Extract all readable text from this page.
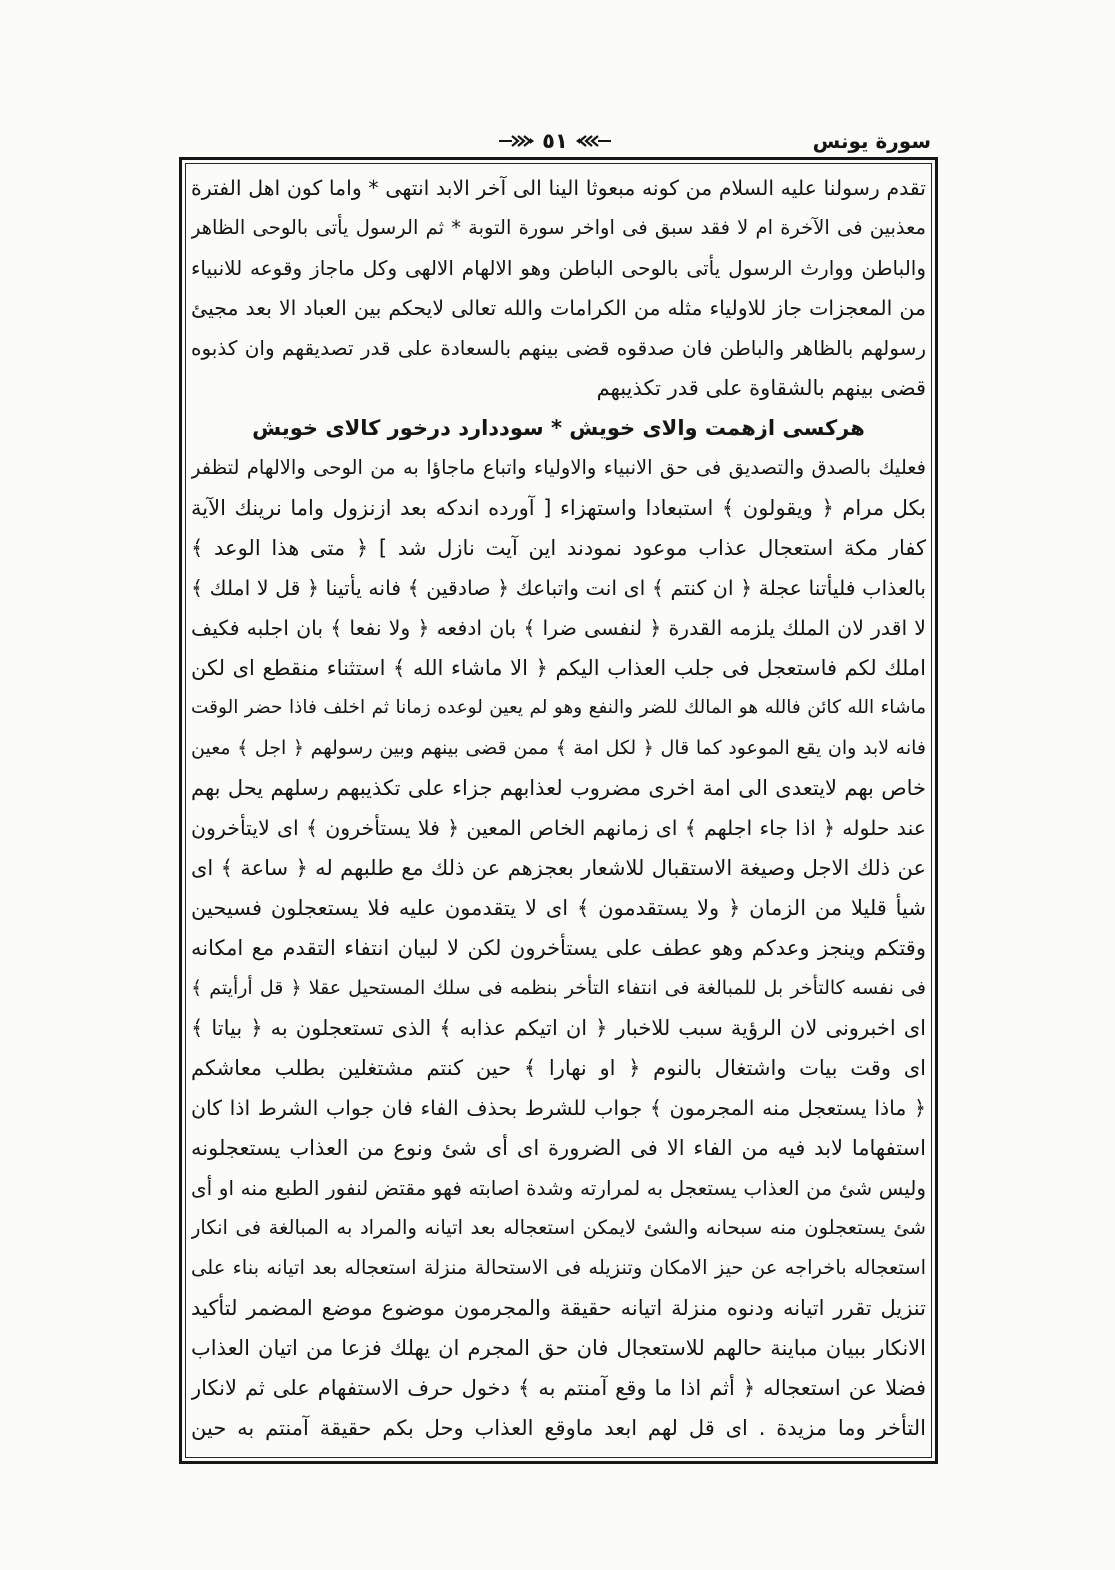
سورة يونس
٥١
تقدم رسولنا عليه السلام من كونه مبعوثا الينا الى آخر الابد انتهى * واما كون اهل الفترة
معذبين فى الآخرة ام لا فقد سبق فى اواخر سورة التوبة * ثم الرسول يأتى بالوحى الظاهر
والباطن ووارث الرسول يأتى بالوحى الباطن وهو الالهام الالهى وكل ماجاز وقوعه للانبياء
من المعجزات جاز للاولياء مثله من الكرامات والله تعالى لايحكم بين العباد الا بعد مجيئ
رسولهم بالظاهر والباطن فان صدقوه قضى بينهم بالسعادة على قدر تصديقهم وان كذبوه
قضى بينهم بالشقاوة على قدر تكذيبهم
هركسى ازهمت والاى خويش * سوددارد درخور كالاى خويش
فعليك بالصدق والتصديق فى حق الانبياء والاولياء واتباع ماجاؤا به من الوحى والالهام لتظفر
بكل مرام ﴿ ويقولون ﴾ استبعادا واستهزاء [ آورده اندكه بعد ازنزول واما نرينك الآية
كفار مكة استعجال عذاب موعود نمودند اين آيت نازل شد ] ﴿ متى هذا الوعد ﴾
بالعذاب فليأتنا عجلة ﴿ ان كنتم ﴾ اى انت واتباعك ﴿ صادقين ﴾ فانه يأتينا ﴿ قل لا املك ﴾
لا اقدر لان الملك يلزمه القدرة ﴿ لنفسى ضرا ﴾ بان ادفعه ﴿ ولا نفعا ﴾ بان اجلبه فكيف
املك لكم فاستعجل فى جلب العذاب اليكم ﴿ الا ماشاء الله ﴾ استثناء منقطع اى لكن
ماشاء الله كائن فالله هو المالك للضر والنفع وهو لم يعين لوعده زمانا ثم اخلف فاذا حضر الوقت
فانه لابد وان يقع الموعود كما قال ﴿ لكل امة ﴾ ممن قضى بينهم وبين رسولهم ﴿ اجل ﴾ معين
خاص بهم لايتعدى الى امة اخرى مضروب لعذابهم جزاء على تكذيبهم رسلهم يحل بهم
عند حلوله ﴿ اذا جاء اجلهم ﴾ اى زمانهم الخاص المعين ﴿ فلا يستأخرون ﴾ اى لايتأخرون
عن ذلك الاجل وصيغة الاستقبال للاشعار بعجزهم عن ذلك مع طلبهم له ﴿ ساعة ﴾ اى
شيأ قليلا من الزمان ﴿ ولا يستقدمون ﴾ اى لا يتقدمون عليه فلا يستعجلون فسيحين
وقتكم وينجز وعدكم وهو عطف على يستأخرون لكن لا لبيان انتفاء التقدم مع امكانه
فى نفسه كالتأخر بل للمبالغة فى انتفاء التأخر بنظمه فى سلك المستحيل عقلا ﴿ قل أرأيتم ﴾
اى اخبرونى لان الرؤية سبب للاخبار ﴿ ان اتيكم عذابه ﴾ الذى تستعجلون به ﴿ بياتا ﴾
اى وقت بيات واشتغال بالنوم ﴿ او نهارا ﴾ حين كنتم مشتغلين بطلب معاشكم
﴿ ماذا يستعجل منه المجرمون ﴾ جواب للشرط بحذف الفاء فان جواب الشرط اذا كان
استفهاما لابد فيه من الفاء الا فى الضرورة اى أى شئ ونوع من العذاب يستعجلونه
وليس شئ من العذاب يستعجل به لمرارته وشدة اصابته فهو مقتض لنفور الطبع منه او أى
شئ يستعجلون منه سبحانه والشئ لايمكن استعجاله بعد اتيانه والمراد به المبالغة فى انكار
استعجاله باخراجه عن حيز الامكان وتنزيله فى الاستحالة منزلة استعجاله بعد اتيانه بناء على
تنزيل تقرر اتيانه ودنوه منزلة اتيانه حقيقة والمجرمون موضوع موضع المضمر لتأكيد
الانكار ببيان مباينة حالهم للاستعجال فان حق المجرم ان يهلك فزعا من اتيان العذاب
فضلا عن استعجاله ﴿ أثم اذا ما وقع آمنتم به ﴾ دخول حرف الاستفهام على ثم لانكار
التأخر وما مزيدة . اى قل لهم ابعد ماوقع العذاب وحل بكم حقيقة آمنتم به حين
